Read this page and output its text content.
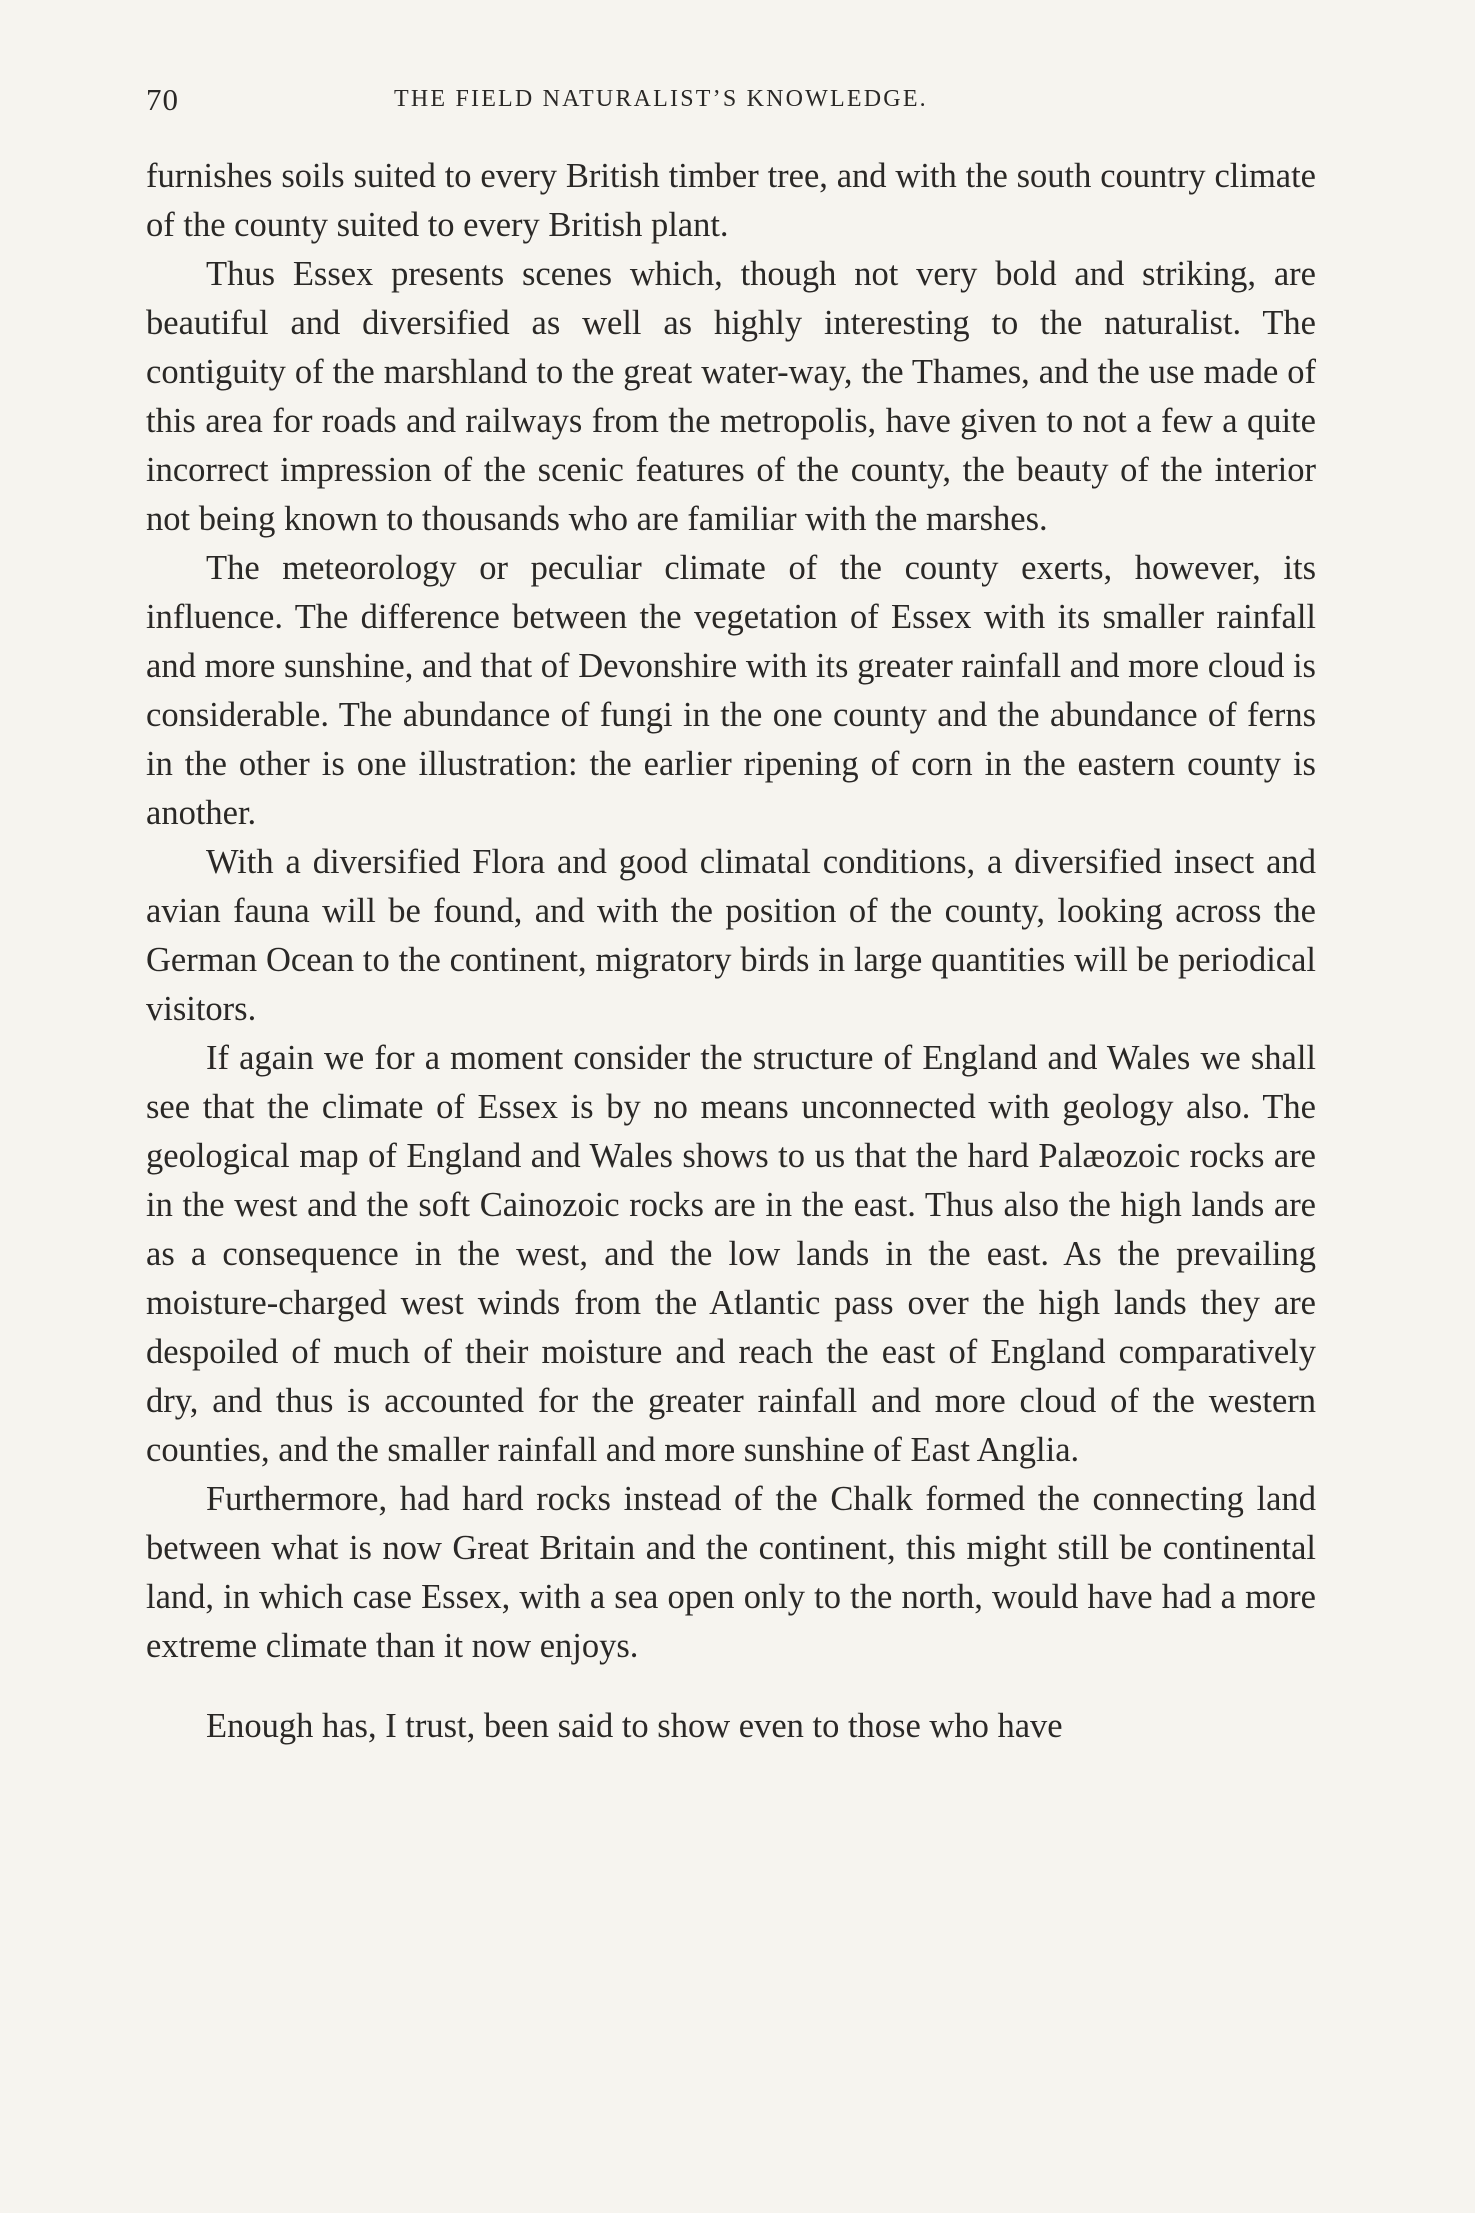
70	THE FIELD NATURALIST’S KNOWLEDGE.

furnishes soils suited to every British timber tree, and with the south country climate of the county suited to every British plant.

Thus Essex presents scenes which, though not very bold and striking, are beautiful and diversified as well as highly interesting to the naturalist. The contiguity of the marshland to the great water-way, the Thames, and the use made of this area for roads and railways from the metropolis, have given to not a few a quite incorrect impression of the scenic features of the county, the beauty of the interior not being known to thousands who are familiar with the marshes.

The meteorology or peculiar climate of the county exerts, however, its influence. The difference between the vegetation of Essex with its smaller rainfall and more sunshine, and that of Devonshire with its greater rainfall and more cloud is considerable. The abundance of fungi in the one county and the abundance of ferns in the other is one illustration: the earlier ripening of corn in the eastern county is another.

With a diversified Flora and good climatal conditions, a diversified insect and avian fauna will be found, and with the position of the county, looking across the German Ocean to the continent, migratory birds in large quantities will be periodical visitors.

If again we for a moment consider the structure of England and Wales we shall see that the climate of Essex is by no means unconnected with geology also. The geological map of England and Wales shows to us that the hard Palæozoic rocks are in the west and the soft Cainozoic rocks are in the east. Thus also the high lands are as a consequence in the west, and the low lands in the east. As the prevailing moisture-charged west winds from the Atlantic pass over the high lands they are despoiled of much of their moisture and reach the east of England comparatively dry, and thus is accounted for the greater rainfall and more cloud of the western counties, and the smaller rainfall and more sunshine of East Anglia.

Furthermore, had hard rocks instead of the Chalk formed the connecting land between what is now Great Britain and the continent, this might still be continental land, in which case Essex, with a sea open only to the north, would have had a more extreme climate than it now enjoys.

Enough has, I trust, been said to show even to those who have
